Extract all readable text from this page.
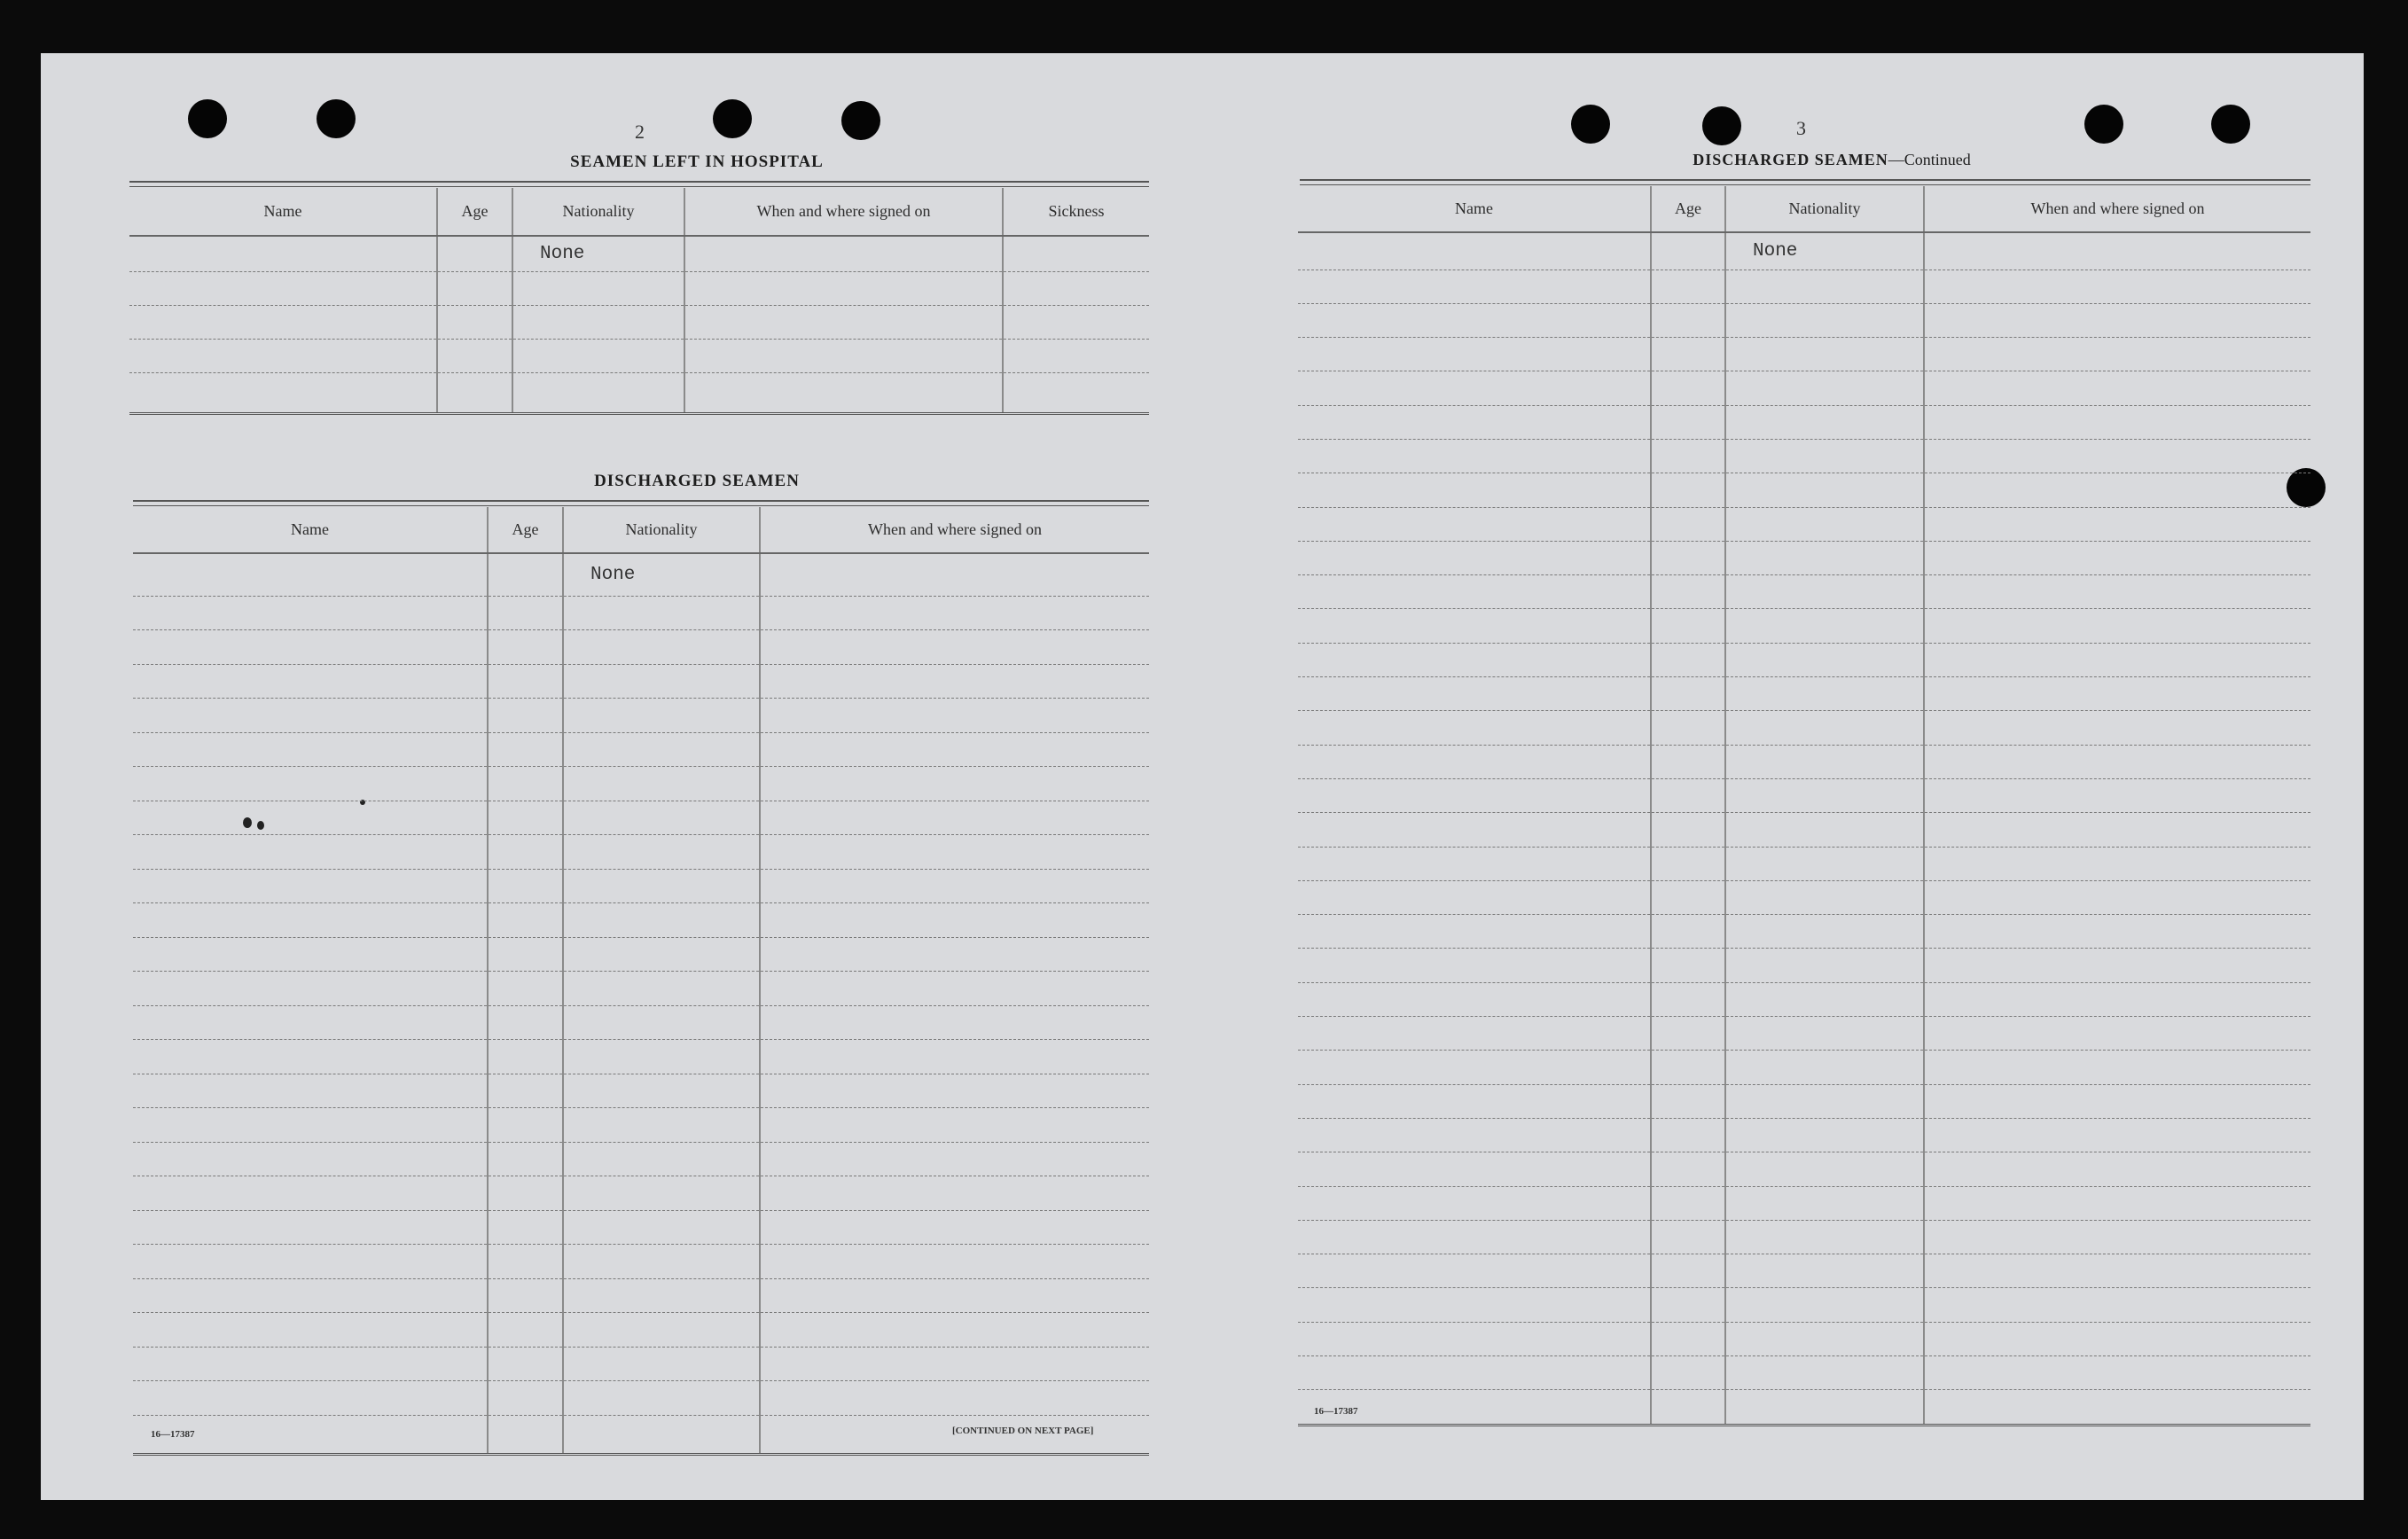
2
SEAMEN LEFT IN HOSPITAL
Name	Age	Nationality	When and where signed on	Sickness
		None		

DISCHARGED SEAMEN
Name	Age	Nationality	When and where signed on
		None	

16—17387	[CONTINUED ON NEXT PAGE]
3
DISCHARGED SEAMEN—Continued
Name	Age	Nationality	When and where signed on
		None	

16—17387
